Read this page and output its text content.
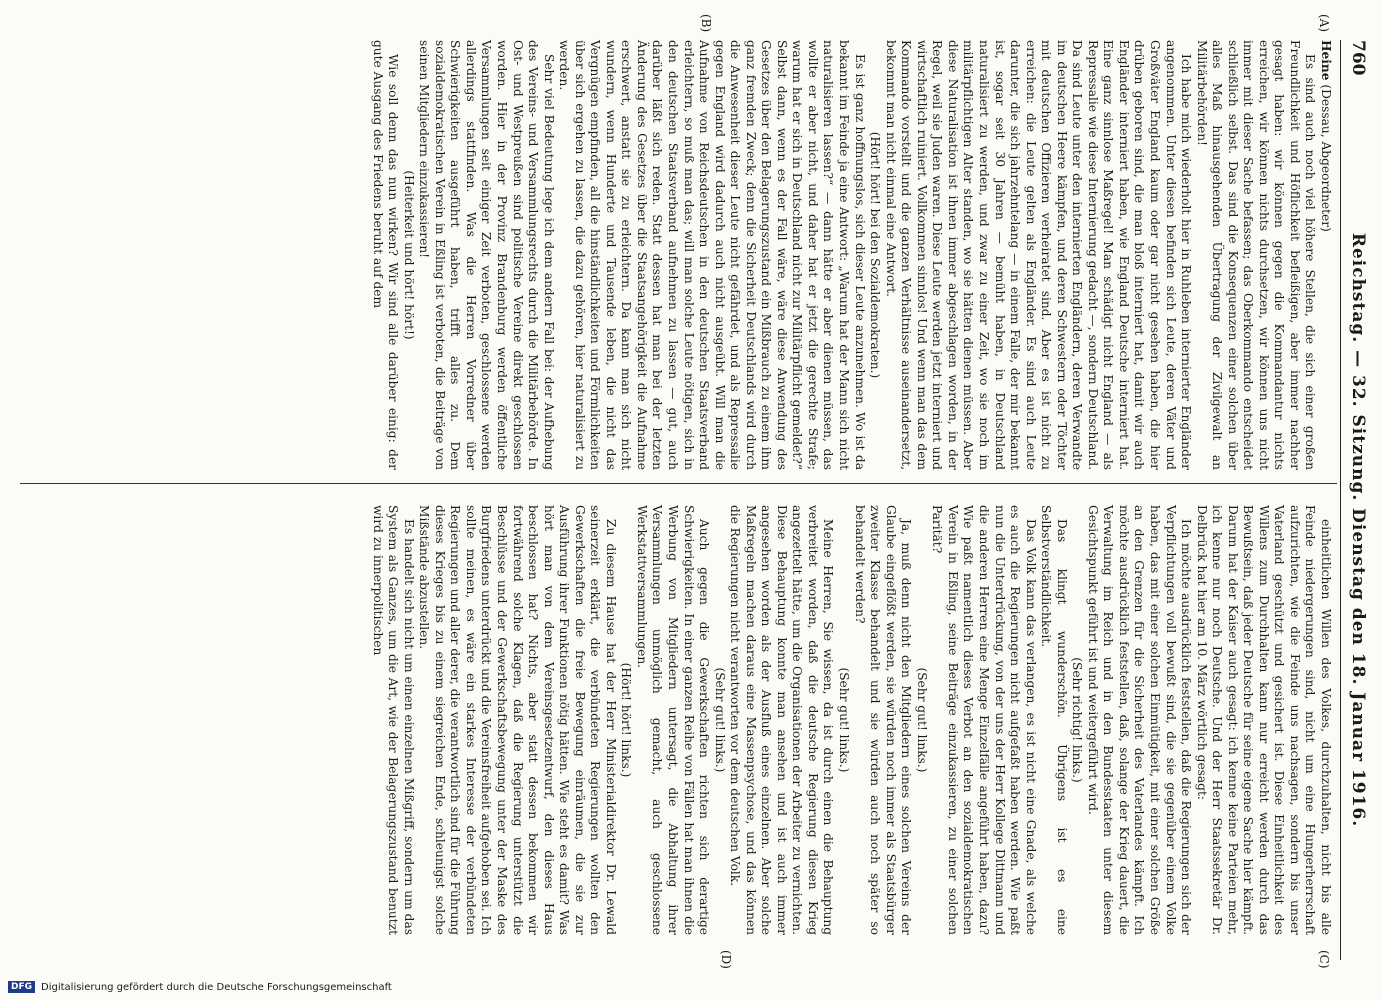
760
Reichstag. — 32. Sitzung. Dienstag den 18. Januar 1916.
(A)
(B)
(C)
(D)

Heine (Dessau, Abgeordneter)

Es sind auch noch viel höhere Stellen, die sich einer großen Freundlichkeit und Höflichkeit befleißigen, aber immer nachher gesagt haben: wir können gegen die Kommandantur nichts erreichen, wir können nichts durchsetzen, wir können uns nicht immer mit dieser Sache befassen; das Oberkommando entscheidet schließlich selbst. Das sind die Konsequenzen einer solchen über alles Maß hinausgehenden Übertragung der Zivilgewalt an Militärbehörden!

Ich habe mich wiederholt hier in Ruhleben internierter Engländer angenommen. Unter diesen befinden sich Leute, deren Väter und Großväter England kaum oder gar nicht gesehen haben, die hier drüben geboren sind, die man bloß interniert hat, damit wir auch Engländer interniert haben, wie England Deutsche interniert hat. Eine ganz sinnlose Maßregel! Man schädigt nicht England — als Repressalie wie diese Internierung gedacht —, sondern Deutschland. Da sind Leute unter den internierten Engländern, deren Verwandte im deutschen Heere kämpfen, und deren Schwestern oder Töchter mit deutschen Offizieren verheiratet sind. Aber es ist nicht zu erreichen: die Leute gelten als Engländer. Es sind auch Leute darunter, die sich jahrzehntelang — in einem Falle, der mir bekannt ist, sogar seit 30 Jahren — bemüht haben, in Deutschland naturalisiert zu werden, und zwar zu einer Zeit, wo sie noch im militärpflichtigen Alter standen, wo sie hätten dienen müssen. Aber diese Naturalisation ist ihnen immer abgeschlagen worden, in der Regel, weil sie Juden waren. Diese Leute werden jetzt interniert und wirtschaftlich ruiniert. Vollkommen sinnlos! Und wenn man das dem Kommando vorstellt und die ganzen Verhältnisse auseinandersetzt, bekommt man nicht einmal eine Antwort.

(Hört! hört! bei den Sozialdemokraten.)

Es ist ganz hoffnungslos, sich dieser Leute anzunehmen. Wo ist da bekannt im Feinde ja eine Antwort: „Warum hat der Mann sich nicht naturalisieren lassen?“ — dann hätte er aber dienen müssen, das wollte er aber nicht, und daher hat er jetzt die gerechte Strafe; warum hat er sich in Deutschland nicht zur Militärpflicht gemeldet?“ Selbst dann, wenn es der Fall wäre, wäre diese Anwendung des Gesetzes über den Belagerungszustand ein Mißbrauch zu einem ihm ganz fremden Zweck; denn die Sicherheit Deutschlands wird durch die Anwesenheit dieser Leute nicht gefährdet, und als Repressalie gegen England wird dadurch auch nicht ausgeübt. Will man die Aufnahme von Reichsdeutschen in den deutschen Staatsverband erleichtern, so muß man das; will man solche Leute nötigen, sich in den deutschen Staatsverband aufnehmen zu lassen — gut, auch darüber läßt sich reden. Statt dessen hat man bei der letzten Änderung des Gesetzes über die Staatsangehörigkeit die Aufnahme erschwert, anstatt sie zu erleichtern. Da kann man sich nicht wundern, wenn Hunderte und Tausende leben, die nicht das Vergnügen empfinden, all die hinständlichkeiten und Förmlichkeiten über sich ergehen zu lassen, die dazu gehören, hier naturalisiert zu werden.

Sehr viel Bedeutung lege ich dem andern Fall bei: der Aufhebung des Vereins- und Versammlungsrechts durch die Militärbehörde. In Ost- und Westpreußen sind politische Vereine direkt geschlossen worden. Hier in der Provinz Brandenburg werden öffentliche Versammlungen seit einiger Zeit verboten, geschlossene werden allerdings stattfinden. Was die Herren Vorredner über Schwierigkeiten ausgeführt haben, trifft alles zu. Dem sozialdemokratischen Verein in Eßling ist verboten, die Beiträge von seinen Mitgliedern einzukassieren!

(Heiterkeit und hört! hört!)

Wie soll denn das nun wirken? Wir sind alle darüber einig: der gute Ausgang des Friedens beruht auf dem

einheitlichen Willen des Volkes, durchzuhalten, nicht bis alle Feinde niedergerungen sind, nicht um eine Hungerherrschaft aufzurichten, wie die Feinde uns nachsagen, sondern bis unser Vaterland geschützt und gesichert ist. Diese Einheitlichkeit des Willens zum Durchhalten kann nur erreicht werden durch das Bewußtsein, daß jeder Deutsche für seine eigene Sache hier kämpft. Darum hat der Kaiser auch gesagt: ich kenne keine Parteien mehr, ich kenne nur noch Deutsche. Und der Herr Staatssekretär Dr. Delbrück hat hier am 10. März wörtlich gesagt:

Ich möchte ausdrücklich feststellen, daß die Regierungen sich der Verpflichtungen voll bewußt sind, die sie gegenüber einem Volke haben, das mit einer solchen Einmütigkeit, mit einer solchen Größe an den Grenzen für die Sicherheit des Vaterlandes kämpft. Ich möchte ausdrücklich feststellen, daß, solange der Krieg dauert, die Verwaltung im Reich und in den Bundesstaaten unter diesem Gesichtspunkt geführt ist und weitergeführt wird.

(Sehr richtig! links.)

Das klingt wunderschön. Übrigens ist es eine Selbstverständlichkeit.

Das Volk kann das verlangen, es ist nicht eine Gnade, als welche es auch die Regierungen nicht aufgefaßt haben werden. Wie paßt nun die Unterdrückung, von der uns der Herr Kollege Dittmann und die anderen Herren eine Menge Einzelfälle angeführt haben, dazu? Wie paßt namentlich dieses Verbot an den sozialdemokratischen Verein in Eßling, seine Beiträge einzukassieren, zu einer solchen Parität?

(Sehr gut! links.)

Ja, muß denn nicht den Mitgliedern eines solchen Vereins der Glaube eingeflößt werden, sie würden noch immer als Staatsbürger zweiter Klasse behandelt und sie würden auch noch später so behandelt werden?

(Sehr gut! links.)

Meine Herren, Sie wissen, da ist durch einen die Behauptung verbreitet worden, daß die deutsche Regierung diesen Krieg angezettelt hätte, um die Organisationen der Arbeiter zu vernichten. Diese Behauptung konnte man ansehen und ist auch immer angesehen worden als der Ausfluß eines einzelnen. Aber solche Maßregeln machen daraus eine Massenpsychose, und das können die Regierungen nicht verantworten vor dem deutschen Volk.

(Sehr gut! links.)

Auch gegen die Gewerkschaften richten sich derartige Schwierigkeiten. In einer ganzen Reihe von Fällen hat man ihnen die Werbung von Mitgliedern untersagt, die Abhaltung ihrer Versammlungen unmöglich gemacht, auch geschlossene Werkstattversammlungen.

(Hört! hört! links.)

Zu diesem Hause hat der Herr Ministerialdirektor Dr. Lewald seinerzeit erklärt, die verbündeten Regierungen wollten den Gewerkschaften die freie Bewegung einräumen, die sie zur Ausführung ihrer Funktionen nötig hätten. Wie steht es damit? Was hört man von dem Vereinsgesetzentwurf, den dieses Haus beschlossen hat? Nichts, aber statt dessen bekommen wir fortwährend solche Klagen, daß die Regierung unterstützt die Beschlüsse und der Gewerkschaftsbewegung unter der Maske des Burgfriedens unterdrückt und die Vereinsfreiheit aufgehoben sei. Ich sollte meinen, es wäre ein starkes Interesse der verbündeten Regierungen und aller derer, die verantwortlich sind für die Führung dieses Krieges bis zu einem siegreichen Ende, schleunigst solche Mißstände abzustellen.

Es handelt sich nicht um einen einzelnen Mißgriff, sondern um das System als Ganzes, um die Art, wie der Belagerungszustand benutzt wird zu innerpolitischen

DFG Digitalisierung gefördert durch die Deutsche Forschungsgemeinschaft
